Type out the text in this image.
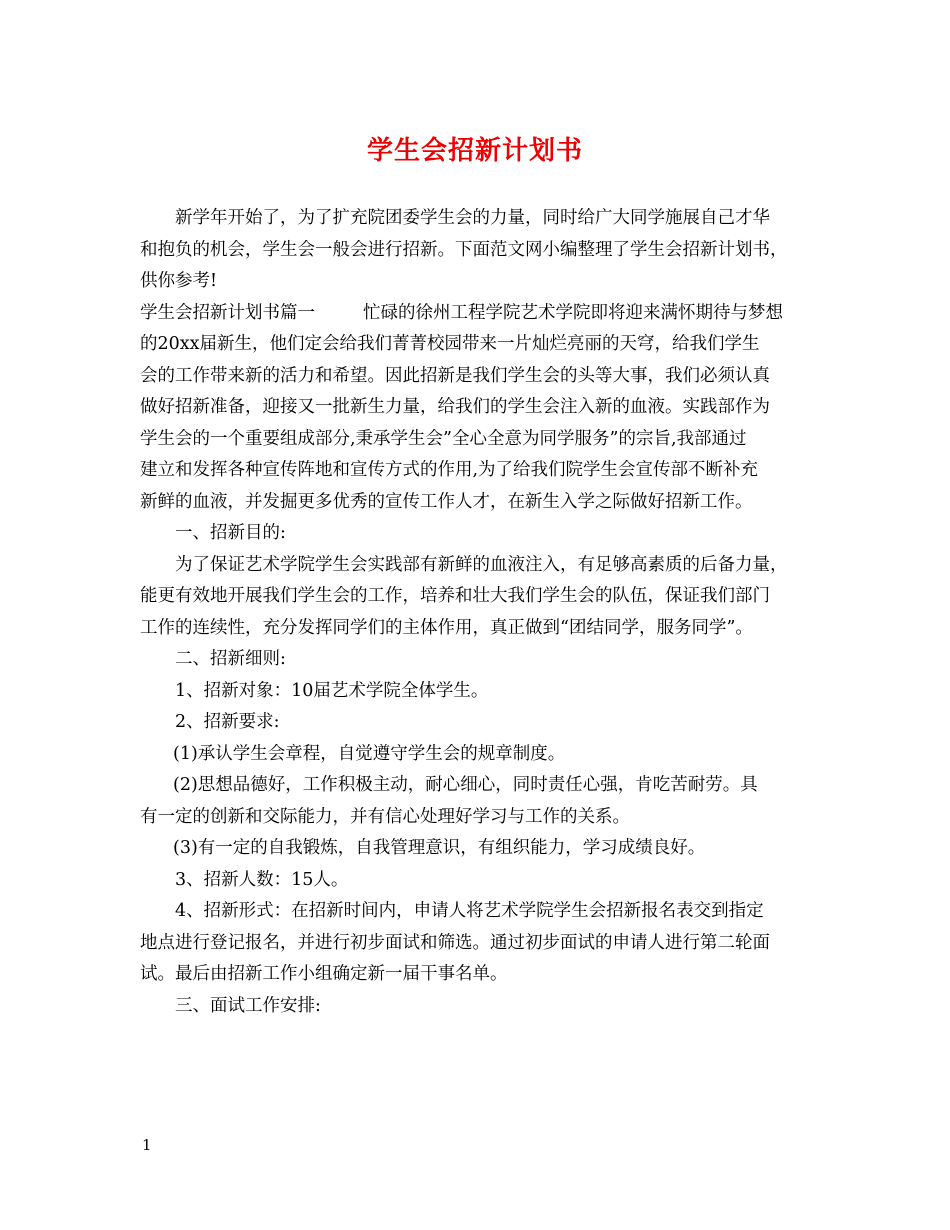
学生会招新计划书

新学年开始了，为了扩充院团委学生会的力量，同时给广大同学施展自己才华

和抱负的机会，学生会一般会进行招新。下面范文网小编整理了学生会招新计划书，

供你参考!

学生会招新计划书篇一	忙碌的徐州工程学院艺术学院即将迎来满怀期待与梦想

的20xx届新生，他们定会给我们菁菁校园带来一片灿烂亮丽的天穹，给我们学生

会的工作带来新的活力和希望。因此招新是我们学生会的头等大事，我们必须认真

做好招新准备，迎接又一批新生力量，给我们的学生会注入新的血液。实践部作为

学生会的一个重要组成部分,秉承学生会”全心全意为同学服务”的宗旨,我部通过

建立和发挥各种宣传阵地和宣传方式的作用,为了给我们院学生会宣传部不断补充

新鲜的血液，并发掘更多优秀的宣传工作人才，在新生入学之际做好招新工作。

一、招新目的:

为了保证艺术学院学生会实践部有新鲜的血液注入，有足够高素质的后备力量，

能更有效地开展我们学生会的工作，培养和壮大我们学生会的队伍，保证我们部门

工作的连续性，充分发挥同学们的主体作用，真正做到“团结同学，服务同学”。

二、招新细则:

1、招新对象：10届艺术学院全体学生。

2、招新要求:

(1)承认学生会章程，自觉遵守学生会的规章制度。

(2)思想品德好，工作积极主动，耐心细心，同时责任心强，肯吃苦耐劳。具

有一定的创新和交际能力，并有信心处理好学习与工作的关系。

(3)有一定的自我锻炼，自我管理意识，有组织能力，学习成绩良好。

3、招新人数：15人。

4、招新形式：在招新时间内，申请人将艺术学院学生会招新报名表交到指定

地点进行登记报名，并进行初步面试和筛选。通过初步面试的申请人进行第二轮面

试。最后由招新工作小组确定新一届干事名单。

三、面试工作安排:

1
